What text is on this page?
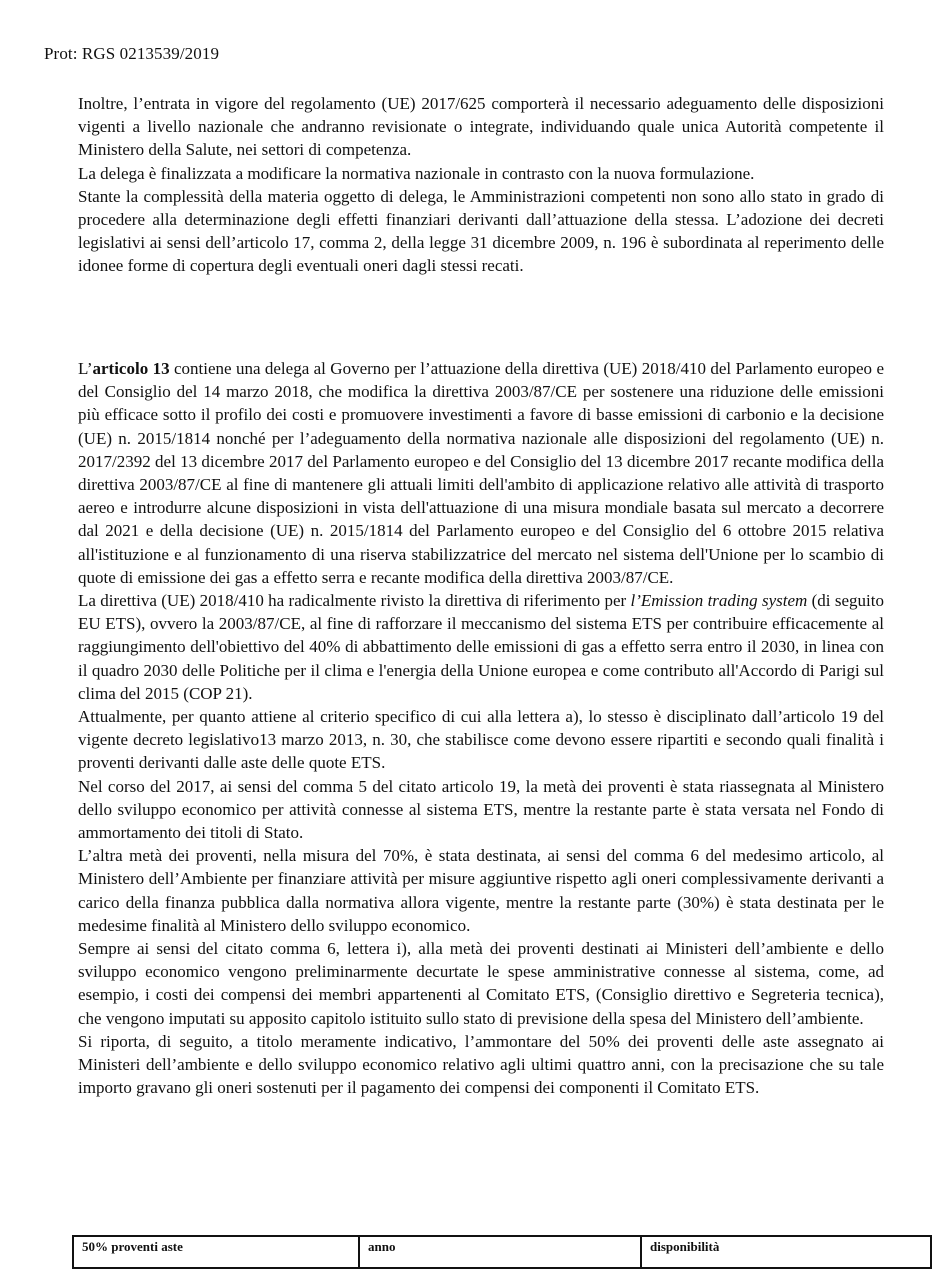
Prot: RGS 0213539/2019

Inoltre, l’entrata in vigore del regolamento (UE) 2017/625 comporterà il necessario adeguamento delle disposizioni vigenti a livello nazionale che andranno revisionate o integrate, individuando quale unica Autorità competente il Ministero della Salute, nei settori di competenza.

La delega è finalizzata a modificare la normativa nazionale in contrasto con la nuova formulazione.

Stante la complessità della materia oggetto di delega, le Amministrazioni competenti non sono allo stato in grado di procedere alla determinazione degli effetti finanziari derivanti dall’attuazione della stessa. L’adozione dei decreti legislativi ai sensi dell’articolo 17, comma 2, della legge 31 dicembre 2009, n. 196 è subordinata al reperimento delle idonee forme di copertura degli eventuali oneri dagli stessi recati.

L’articolo 13 contiene una delega al Governo per l’attuazione della direttiva (UE) 2018/410 del Parlamento europeo e del Consiglio del 14 marzo 2018, che modifica la direttiva 2003/87/CE per sostenere una riduzione delle emissioni più efficace sotto il profilo dei costi e promuovere investimenti a favore di basse emissioni di carbonio e la decisione (UE) n. 2015/1814 nonché per l’adeguamento della normativa nazionale alle disposizioni del regolamento (UE) n. 2017/2392 del 13 dicembre 2017 del Parlamento europeo e del Consiglio del 13 dicembre 2017 recante modifica della direttiva 2003/87/CE al fine di mantenere gli attuali limiti dell'ambito di applicazione relativo alle attività di trasporto aereo e introdurre alcune disposizioni in vista dell'attuazione di una misura mondiale basata sul mercato a decorrere dal 2021 e della decisione (UE) n. 2015/1814 del Parlamento europeo e del Consiglio del 6 ottobre 2015 relativa all'istituzione e al funzionamento di una riserva stabilizzatrice del mercato nel sistema dell'Unione per lo scambio di quote di emissione dei gas a effetto serra e recante modifica della direttiva 2003/87/CE.

La direttiva (UE) 2018/410 ha radicalmente rivisto la direttiva di riferimento per l’Emission trading system (di seguito EU ETS), ovvero la 2003/87/CE, al fine di rafforzare il meccanismo del sistema ETS per contribuire efficacemente al raggiungimento dell'obiettivo del 40% di abbattimento delle emissioni di gas a effetto serra entro il 2030, in linea con il quadro 2030 delle Politiche per il clima e l'energia della Unione europea e come contributo all'Accordo di Parigi sul clima del 2015 (COP 21).

Attualmente, per quanto attiene al criterio specifico di cui alla lettera a), lo stesso è disciplinato dall’articolo 19 del vigente decreto legislativo13 marzo 2013, n. 30, che stabilisce come devono essere ripartiti e secondo quali finalità i proventi derivanti dalle aste delle quote ETS.

Nel corso del 2017, ai sensi del comma 5 del citato articolo 19, la metà dei proventi è stata riassegnata al Ministero dello sviluppo economico per attività connesse al sistema ETS, mentre la restante parte è stata versata nel Fondo di ammortamento dei titoli di Stato.

L’altra metà dei proventi, nella misura del 70%, è stata destinata, ai sensi del comma 6 del medesimo articolo, al Ministero dell’Ambiente per finanziare attività per misure aggiuntive rispetto agli oneri complessivamente derivanti a carico della finanza pubblica dalla normativa allora vigente, mentre la restante parte (30%) è stata destinata per le medesime finalità al Ministero dello sviluppo economico.

Sempre ai sensi del citato comma 6, lettera i), alla metà dei proventi destinati ai Ministeri dell’ambiente e dello sviluppo economico vengono preliminarmente decurtate le spese amministrative connesse al sistema, come, ad esempio, i costi dei compensi dei membri appartenenti al Comitato ETS, (Consiglio direttivo e Segreteria tecnica), che vengono imputati su apposito capitolo istituito sullo stato di previsione della spesa del Ministero dell’ambiente.

Si riporta, di seguito, a titolo meramente indicativo, l’ammontare del 50% dei proventi delle aste assegnato ai Ministeri dell’ambiente e dello sviluppo economico relativo agli ultimi quattro anni, con la precisazione che su tale importo gravano gli oneri sostenuti per il pagamento dei compensi dei componenti il Comitato ETS.

50% proventi aste	anno	disponibilità
